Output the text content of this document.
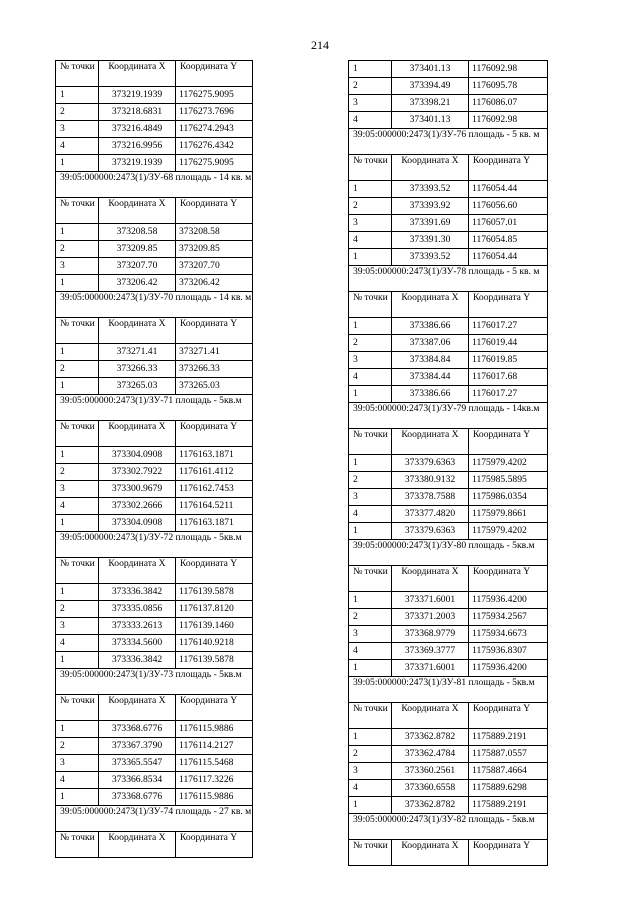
214
№ точки	Координата X	Координата Y
1	373219.1939	1176275.9095
2	373218.6831	1176273.7696
3	373216.4849	1176274.2943
4	373216.9956	1176276.4342
1	373219.1939	1176275.9095
39:05:000000:2473(1)/ЗУ-68 площадь - 14 кв. м		
№ точки	Координата X	Координата Y
1	373208.58	373208.58
2	373209.85	373209.85
3	373207.70	373207.70
1	373206.42	373206.42
39:05:000000:2473(1)/ЗУ-70 площадь - 14 кв. м		
№ точки	Координата X	Координата Y
1	373271.41	373271.41
2	373266.33	373266.33
1	373265.03	373265.03
39:05:000000:2473(1)/ЗУ-71 площадь - 5кв.м		
№ точки	Координата X	Координата Y
1	373304.0908	1176163.1871
2	373302.7922	1176161.4112
3	373300.9679	1176162.7453
4	373302.2666	1176164.5211
1	373304.0908	1176163.1871
39:05:000000:2473(1)/ЗУ-72 площадь - 5кв.м		
№ точки	Координата X	Координата Y
1	373336.3842	1176139.5878
2	373335.0856	1176137.8120
3	373333.2613	1176139.1460
4	373334.5600	1176140.9218
1	373336.3842	1176139.5878
39:05:000000:2473(1)/ЗУ-73 площадь - 5кв.м		
№ точки	Координата X	Координата Y
1	373368.6776	1176115.9886
2	373367.3790	1176114.2127
3	373365.5547	1176115.5468
4	373366.8534	1176117.3226
1	373368.6776	1176115.9886
39:05:000000:2473(1)/ЗУ-74 площадь - 27 кв. м		
№ точки	Координата X	Координата Y
1	373401.13	1176092.98
2	373394.49	1176095.78
3	373398.21	1176086.07
4	373401.13	1176092.98
39:05:000000:2473(1)/ЗУ-76 площадь - 5 кв. м		
№ точки	Координата X	Координата Y
1	373393.52	1176054.44
2	373393.92	1176056.60
3	373391.69	1176057.01
4	373391.30	1176054.85
1	373393.52	1176054.44
39:05:000000:2473(1)/ЗУ-78 площадь - 5 кв. м		
№ точки	Координата X	Координата Y
1	373386.66	1176017.27
2	373387.06	1176019.44
3	373384.84	1176019.85
4	373384.44	1176017.68
1	373386.66	1176017.27
39:05:000000:2473(1)/ЗУ-79 площадь - 14кв.м		
№ точки	Координата X	Координата Y
1	373379.6363	1175979.4202
2	373380.9132	1175985.5895
3	373378.7588	1175986.0354
4	373377.4820	1175979.8661
1	373379.6363	1175979.4202
39:05:000000:2473(1)/ЗУ-80 площадь - 5кв.м		
№ точки	Координата X	Координата Y
1	373371.6001	1175936.4200
2	373371.2003	1175934.2567
3	373368.9779	1175934.6673
4	373369.3777	1175936.8307
1	373371.6001	1175936.4200
39:05:000000:2473(1)/ЗУ-81 площадь - 5кв.м		
№ точки	Координата X	Координата Y
1	373362.8782	1175889.2191
2	373362.4784	1175887.0557
3	373360.2561	1175887.4664
4	373360.6558	1175889.6298
1	373362.8782	1175889.2191
39:05:000000:2473(1)/ЗУ-82 площадь - 5кв.м		
№ точки	Координата X	Координата Y
